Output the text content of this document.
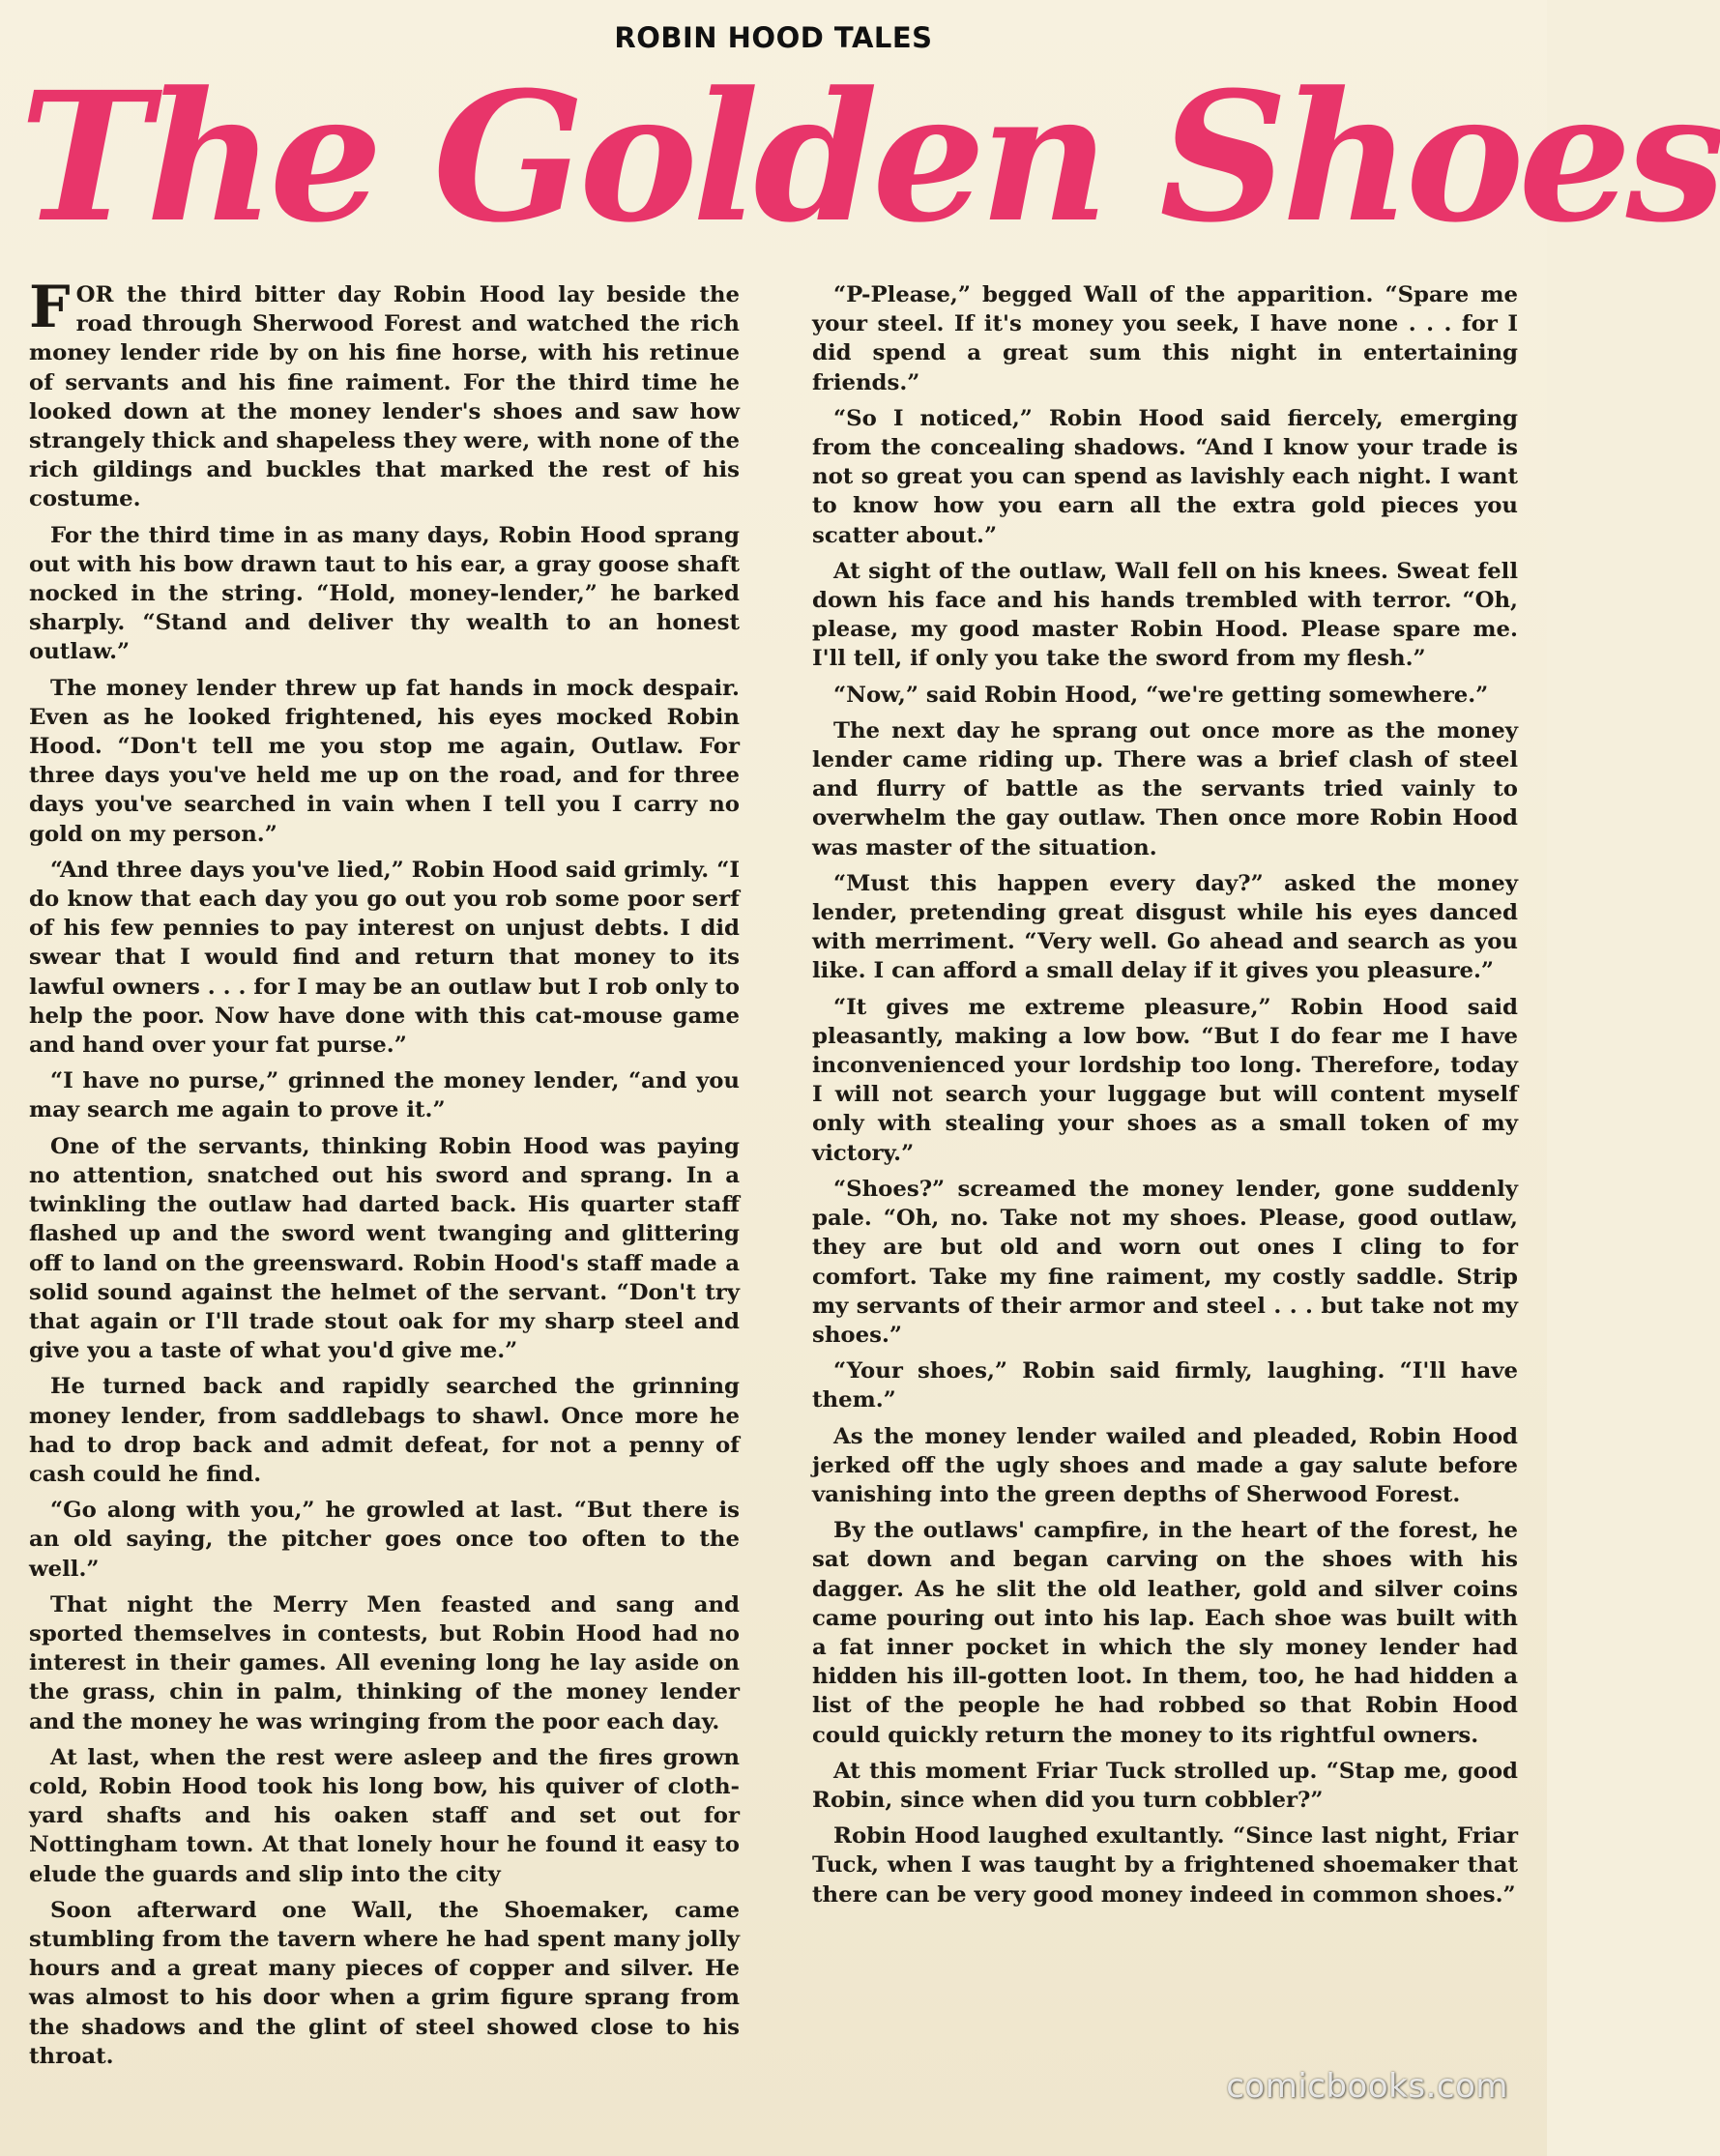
ROBIN HOOD TALES
The Golden Shoes

FOR the third bitter day Robin Hood lay beside the road through Sherwood Forest and watched the rich money lender ride by on his fine horse, with his retinue of servants and his fine raiment. For the third time he looked down at the money lender's shoes and saw how strangely thick and shapeless they were, with none of the rich gildings and buckles that marked the rest of his costume.

For the third time in as many days, Robin Hood sprang out with his bow drawn taut to his ear, a gray goose shaft nocked in the string. “Hold, money-lender,” he barked sharply. “Stand and deliver thy wealth to an honest outlaw.”

The money lender threw up fat hands in mock despair. Even as he looked frightened, his eyes mocked Robin Hood. “Don't tell me you stop me again, Outlaw. For three days you've held me up on the road, and for three days you've searched in vain when I tell you I carry no gold on my person.”

“And three days you've lied,” Robin Hood said grimly. “I do know that each day you go out you rob some poor serf of his few pennies to pay interest on unjust debts. I did swear that I would find and return that money to its lawful owners . . . for I may be an outlaw but I rob only to help the poor. Now have done with this cat-mouse game and hand over your fat purse.”

“I have no purse,” grinned the money lender, “and you may search me again to prove it.”

One of the servants, thinking Robin Hood was paying no attention, snatched out his sword and sprang. In a twinkling the outlaw had darted back. His quarter staff flashed up and the sword went twanging and glittering off to land on the greensward. Robin Hood's staff made a solid sound against the helmet of the servant. “Don't try that again or I'll trade stout oak for my sharp steel and give you a taste of what you'd give me.”

He turned back and rapidly searched the grinning money lender, from saddlebags to shawl. Once more he had to drop back and admit defeat, for not a penny of cash could he find.

“Go along with you,” he growled at last. “But there is an old saying, the pitcher goes once too often to the well.”

That night the Merry Men feasted and sang and sported themselves in contests, but Robin Hood had no interest in their games. All evening long he lay aside on the grass, chin in palm, thinking of the money lender and the money he was wringing from the poor each day.

At last, when the rest were asleep and the fires grown cold, Robin Hood took his long bow, his quiver of cloth-yard shafts and his oaken staff and set out for Nottingham town. At that lonely hour he found it easy to elude the guards and slip into the city

Soon afterward one Wall, the Shoemaker, came stumbling from the tavern where he had spent many jolly hours and a great many pieces of copper and silver. He was almost to his door when a grim figure sprang from the shadows and the glint of steel showed close to his throat.

“P-Please,” begged Wall of the apparition. “Spare me your steel. If it's money you seek, I have none . . . for I did spend a great sum this night in entertaining friends.”

“So I noticed,” Robin Hood said fiercely, emerging from the concealing shadows. “And I know your trade is not so great you can spend as lavishly each night. I want to know how you earn all the extra gold pieces you scatter about.”

At sight of the outlaw, Wall fell on his knees. Sweat fell down his face and his hands trembled with terror. “Oh, please, my good master Robin Hood. Please spare me. I'll tell, if only you take the sword from my flesh.”

“Now,” said Robin Hood, “we're getting somewhere.”

The next day he sprang out once more as the money lender came riding up. There was a brief clash of steel and flurry of battle as the servants tried vainly to overwhelm the gay outlaw. Then once more Robin Hood was master of the situation.

“Must this happen every day?” asked the money lender, pretending great disgust while his eyes danced with merriment. “Very well. Go ahead and search as you like. I can afford a small delay if it gives you pleasure.”

“It gives me extreme pleasure,” Robin Hood said pleasantly, making a low bow. “But I do fear me I have inconvenienced your lordship too long. Therefore, today I will not search your luggage but will content myself only with stealing your shoes as a small token of my victory.”

“Shoes?” screamed the money lender, gone suddenly pale. “Oh, no. Take not my shoes. Please, good outlaw, they are but old and worn out ones I cling to for comfort. Take my fine raiment, my costly saddle. Strip my servants of their armor and steel . . . but take not my shoes.”

“Your shoes,” Robin said firmly, laughing. “I'll have them.”

As the money lender wailed and pleaded, Robin Hood jerked off the ugly shoes and made a gay salute before vanishing into the green depths of Sherwood Forest.

By the outlaws' campfire, in the heart of the forest, he sat down and began carving on the shoes with his dagger. As he slit the old leather, gold and silver coins came pouring out into his lap. Each shoe was built with a fat inner pocket in which the sly money lender had hidden his ill-gotten loot. In them, too, he had hidden a list of the people he had robbed so that Robin Hood could quickly return the money to its rightful owners.

At this moment Friar Tuck strolled up. “Stap me, good Robin, since when did you turn cobbler?”

Robin Hood laughed exultantly. “Since last night, Friar Tuck, when I was taught by a frightened shoemaker that there can be very good money indeed in common shoes.”

comicbooks.com
